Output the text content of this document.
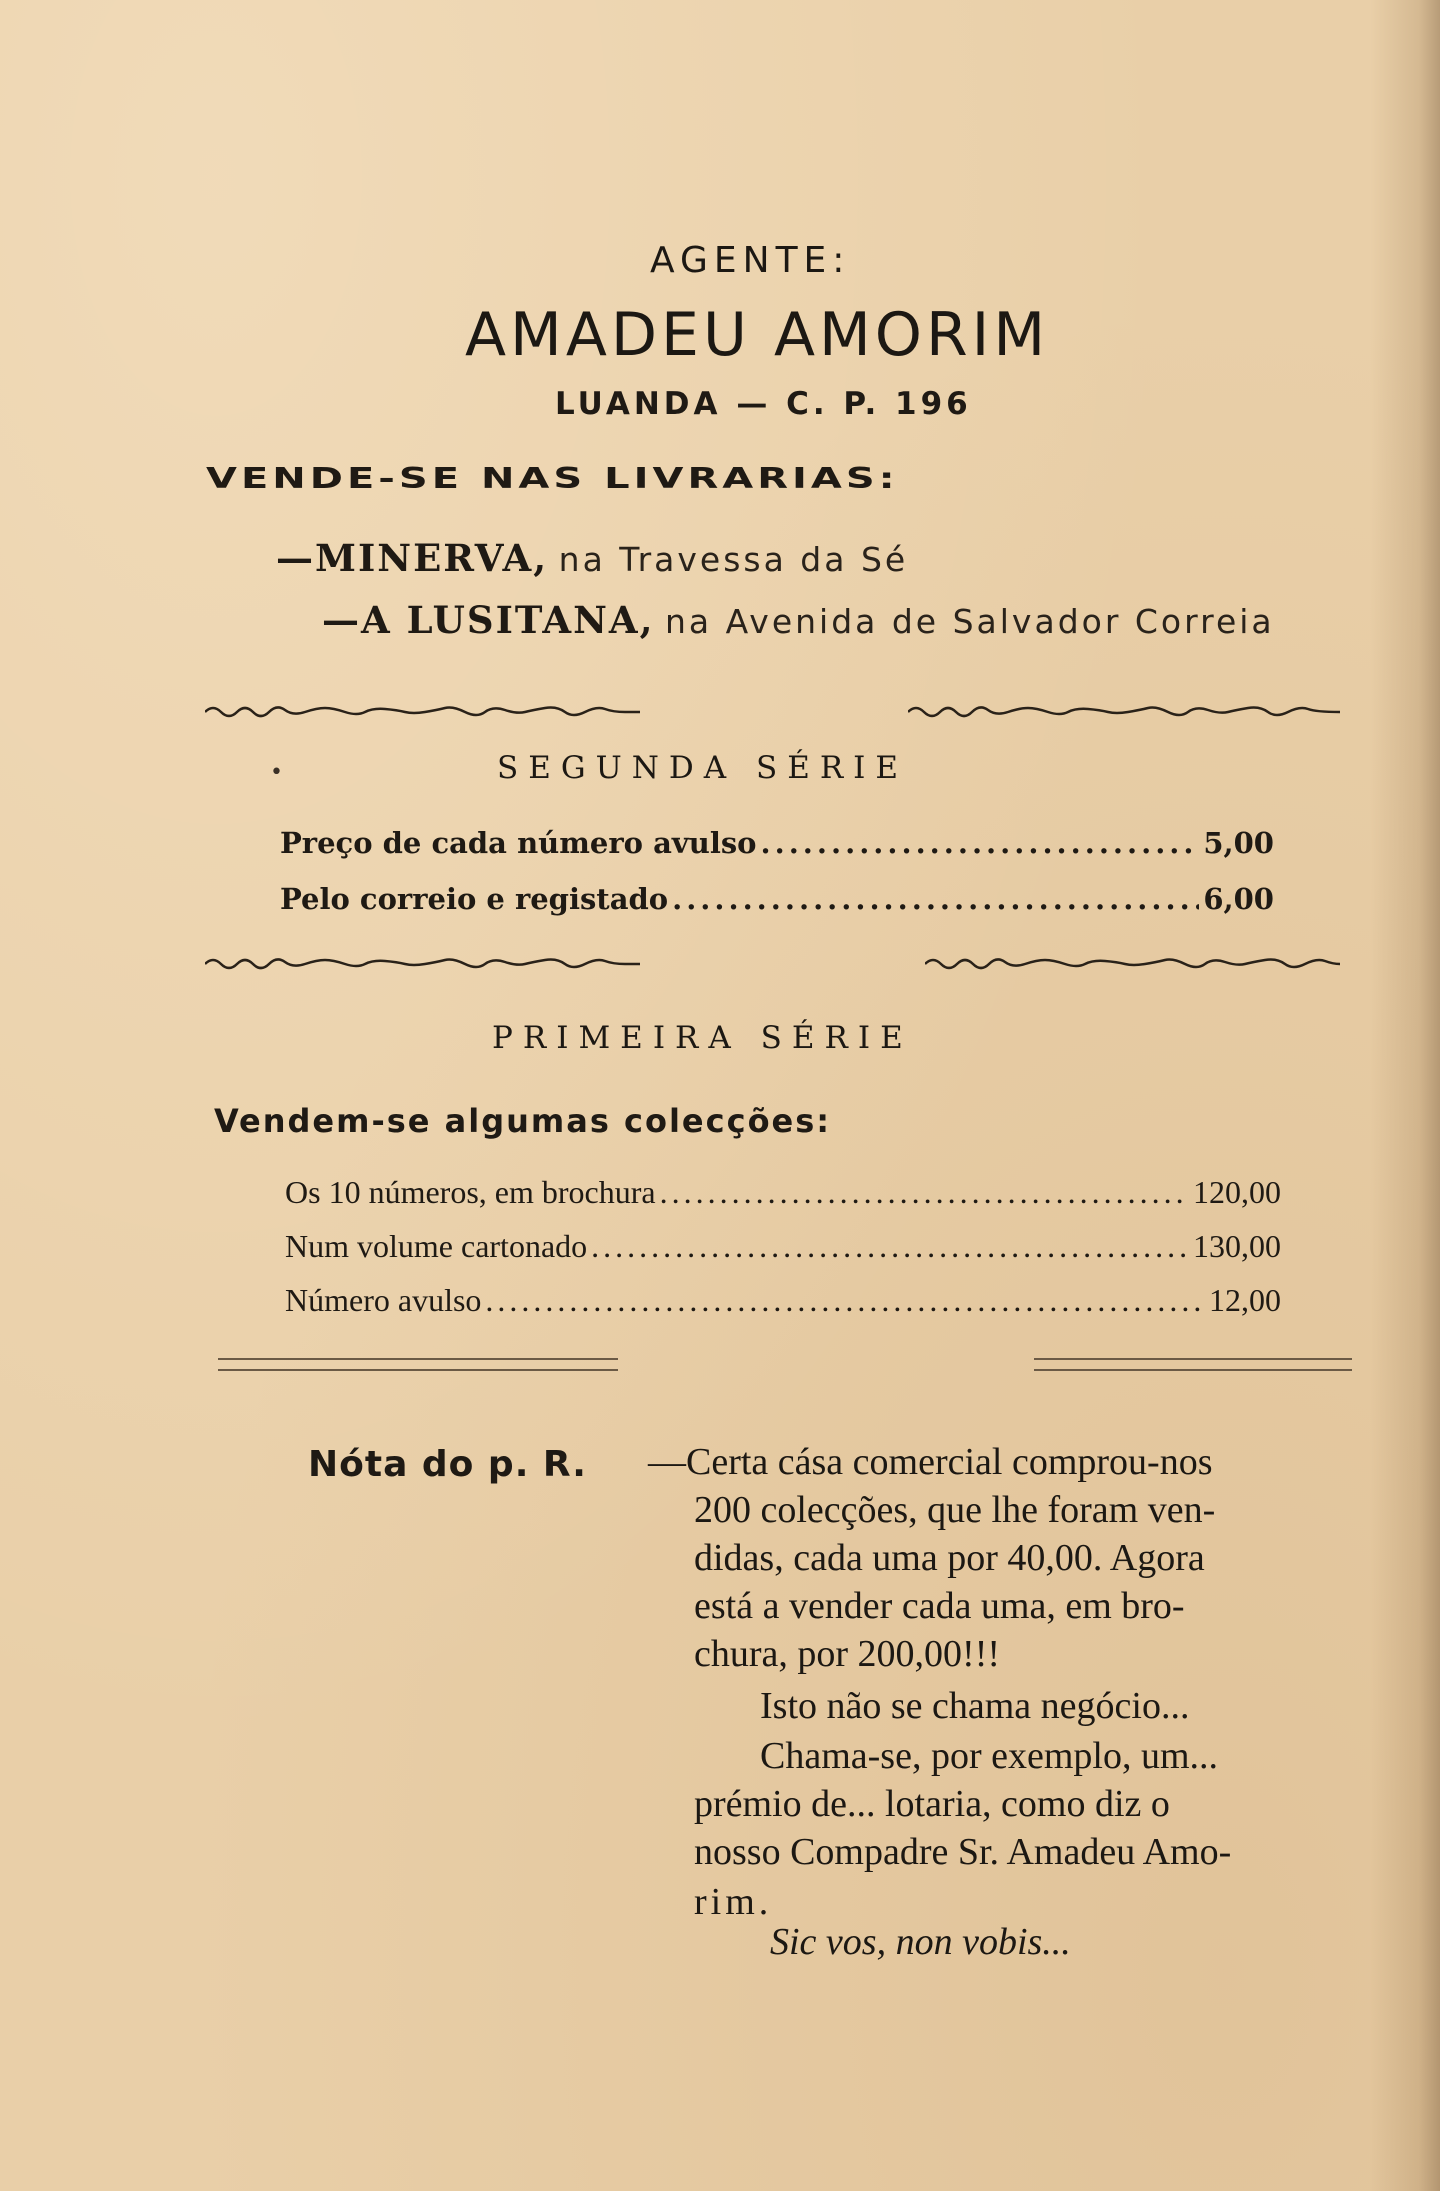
AGENTE:
AMADEU AMORIM
LUANDA — C. P. 196
VENDE-SE NAS LIVRARIAS:
—MINERVA, na Travessa da Sé
—A LUSITANA, na Avenida de Salvador Correia
•	SEGUNDA SÉRIE
Preço de cada número avulso .....	5,00
Pelo correio e registado .....	6,00
PRIMEIRA SÉRIE
Vendem-se algumas colecções:
Os 10 números, em brochura .....	120,00
Num volume cartonado .....	130,00
Número avulso .....	12,00
Nóta do p. R. —Certa cása comercial comprou-nos
200 colecções, que lhe foram ven-
didas, cada uma por 40,00. Agora
está a vender cada uma, em bro-
chura, por 200,00!!!
Isto não se chama negócio...
Chama-se, por exemplo, um...
prémio de... lotaria, como diz o
nosso Compadre Sr. Amadeu Amo-
rim.
Sic vos, non vobis...
